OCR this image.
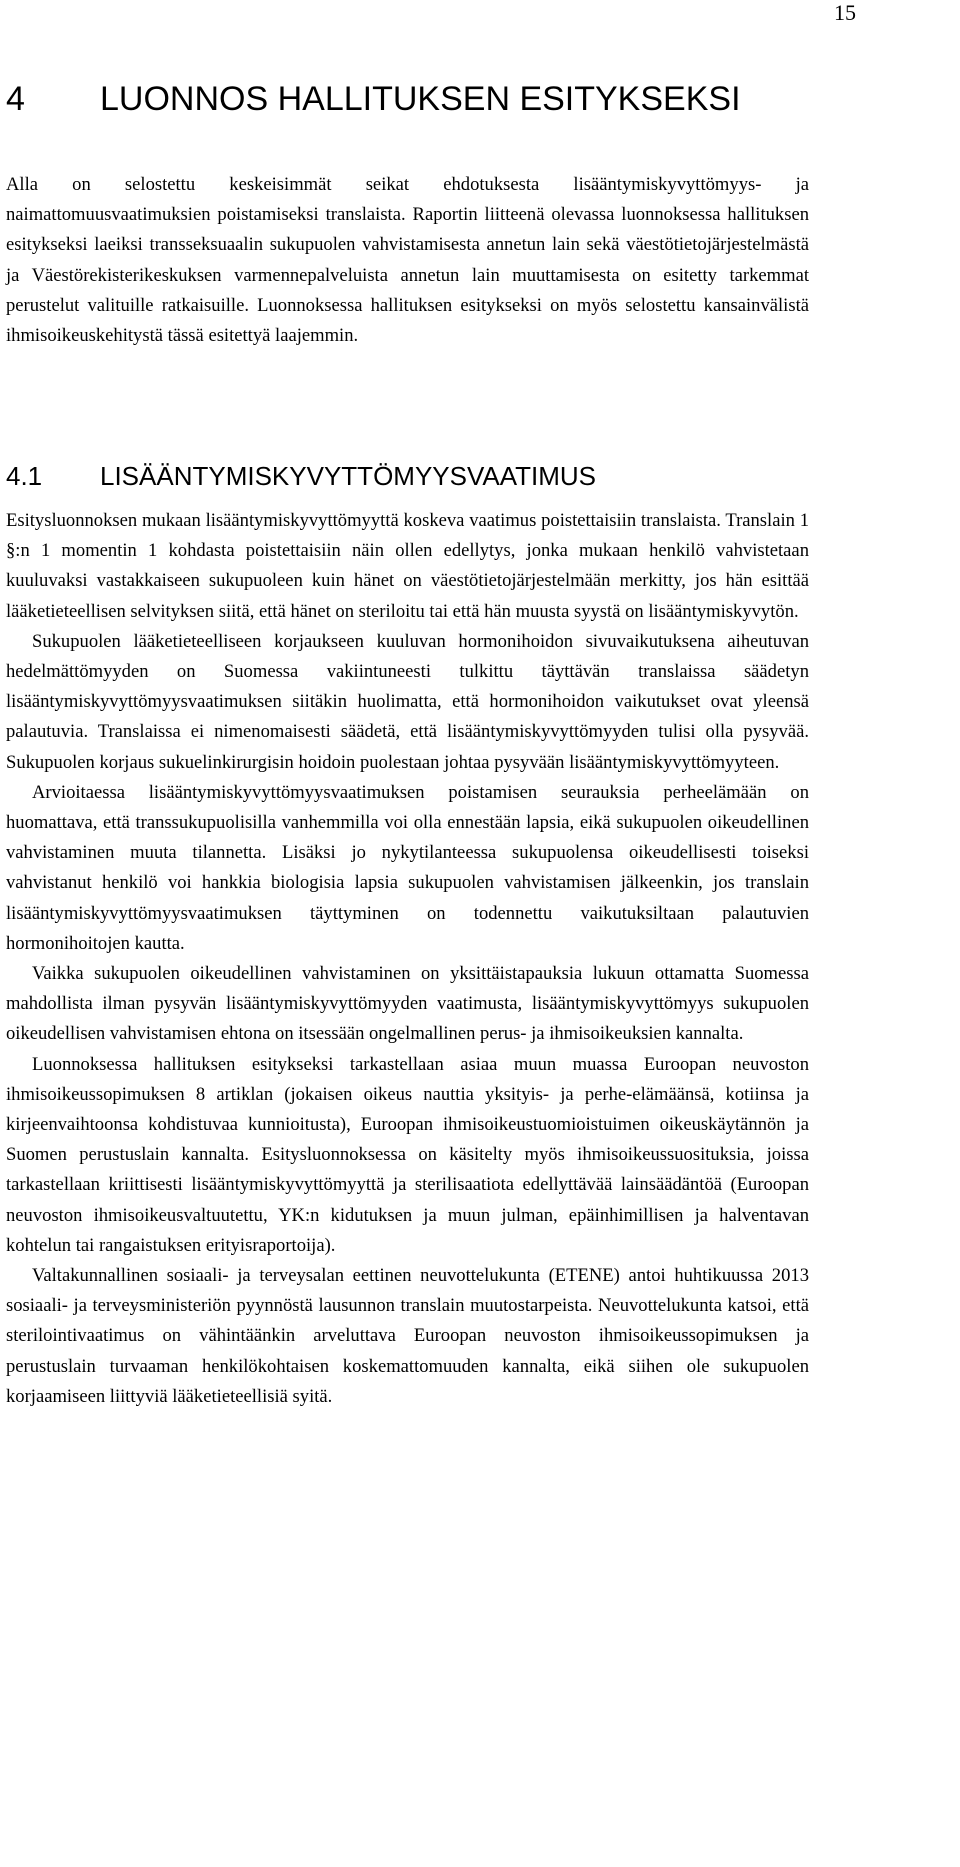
15
4 LUONNOS HALLITUKSEN ESITYKSEKSI

Alla on selostettu keskeisimmät seikat ehdotuksesta lisääntymiskyvyttömyys- ja naimattomuusvaatimuksien poistamiseksi translaista. Raportin liitteenä olevassa luonnoksessa hallituksen esitykseksi laeiksi transseksuaalin sukupuolen vahvistamisesta annetun lain sekä väestötietojärjestelmästä ja Väestörekisterikeskuksen varmennepalveluista annetun lain muuttamisesta on esitetty tarkemmat perustelut valituille ratkaisuille. Luonnoksessa hallituksen esitykseksi on myös selostettu kansainvälistä ihmisoikeuskehitystä tässä esitettyä laajemmin.

4.1 LISÄÄNTYMISKYVYTTÖMYYSVAATIMUS

Esitysluonnoksen mukaan lisääntymiskyvyttömyyttä koskeva vaatimus poistettaisiin translaista. Translain 1 §:n 1 momentin 1 kohdasta poistettaisiin näin ollen edellytys, jonka mukaan henkilö vahvistetaan kuuluvaksi vastakkaiseen sukupuoleen kuin hänet on väestötietojärjestelmään merkitty, jos hän esittää lääketieteellisen selvityksen siitä, että hänet on steriloitu tai että hän muusta syystä on lisääntymiskyvytön.

Sukupuolen lääketieteelliseen korjaukseen kuuluvan hormonihoidon sivuvaikutuksena aiheutuvan hedelmättömyyden on Suomessa vakiintuneesti tulkittu täyttävän translaissa säädetyn lisääntymiskyvyttömyysvaatimuksen siitäkin huolimatta, että hormonihoidon vaikutukset ovat yleensä palautuvia. Translaissa ei nimenomaisesti säädetä, että lisääntymiskyvyttömyyden tulisi olla pysyvää. Sukupuolen korjaus sukuelinkirurgisin hoidoin puolestaan johtaa pysyvään lisääntymiskyvyttömyyteen.

Arvioitaessa lisääntymiskyvyttömyysvaatimuksen poistamisen seurauksia perheelämään on huomattava, että transsukupuolisilla vanhemmilla voi olla ennestään lapsia, eikä sukupuolen oikeudellinen vahvistaminen muuta tilannetta. Lisäksi jo nykytilanteessa sukupuolensa oikeudellisesti toiseksi vahvistanut henkilö voi hankkia biologisia lapsia sukupuolen vahvistamisen jälkeenkin, jos translain lisääntymiskyvyttömyysvaatimuksen täyttyminen on todennettu vaikutuksiltaan palautuvien hormonihoitojen kautta.

Vaikka sukupuolen oikeudellinen vahvistaminen on yksittäistapauksia lukuun ottamatta Suomessa mahdollista ilman pysyvän lisääntymiskyvyttömyyden vaatimusta, lisääntymiskyvyttömyys sukupuolen oikeudellisen vahvistamisen ehtona on itsessään ongelmallinen perus- ja ihmisoikeuksien kannalta.

Luonnoksessa hallituksen esitykseksi tarkastellaan asiaa muun muassa Euroopan neuvoston ihmisoikeussopimuksen 8 artiklan (jokaisen oikeus nauttia yksityis- ja perhe-elämäänsä, kotiinsa ja kirjeenvaihtoonsa kohdistuvaa kunnioitusta), Euroopan ihmisoikeustuomioistuimen oikeuskäytännön ja Suomen perustuslain kannalta. Esitysluonnoksessa on käsitelty myös ihmisoikeussuosituksia, joissa tarkastellaan kriittisesti lisääntymiskyvyttömyyttä ja sterilisaatiota edellyttävää lainsäädäntöä (Euroopan neuvoston ihmisoikeusvaltuutettu, YK:n kidutuksen ja muun julman, epäinhimillisen ja halventavan kohtelun tai rangaistuksen erityisraportoija).

Valtakunnallinen sosiaali- ja terveysalan eettinen neuvottelukunta (ETENE) antoi huhtikuussa 2013 sosiaali- ja terveysministeriön pyynnöstä lausunnon translain muutostarpeista. Neuvottelukunta katsoi, että sterilointivaatimus on vähintäänkin arveluttava Euroopan neuvoston ihmisoikeussopimuksen ja perustuslain turvaaman henkilökohtaisen koskemattomuuden kannalta, eikä siihen ole sukupuolen korjaamiseen liittyviä lääketieteellisiä syitä.
